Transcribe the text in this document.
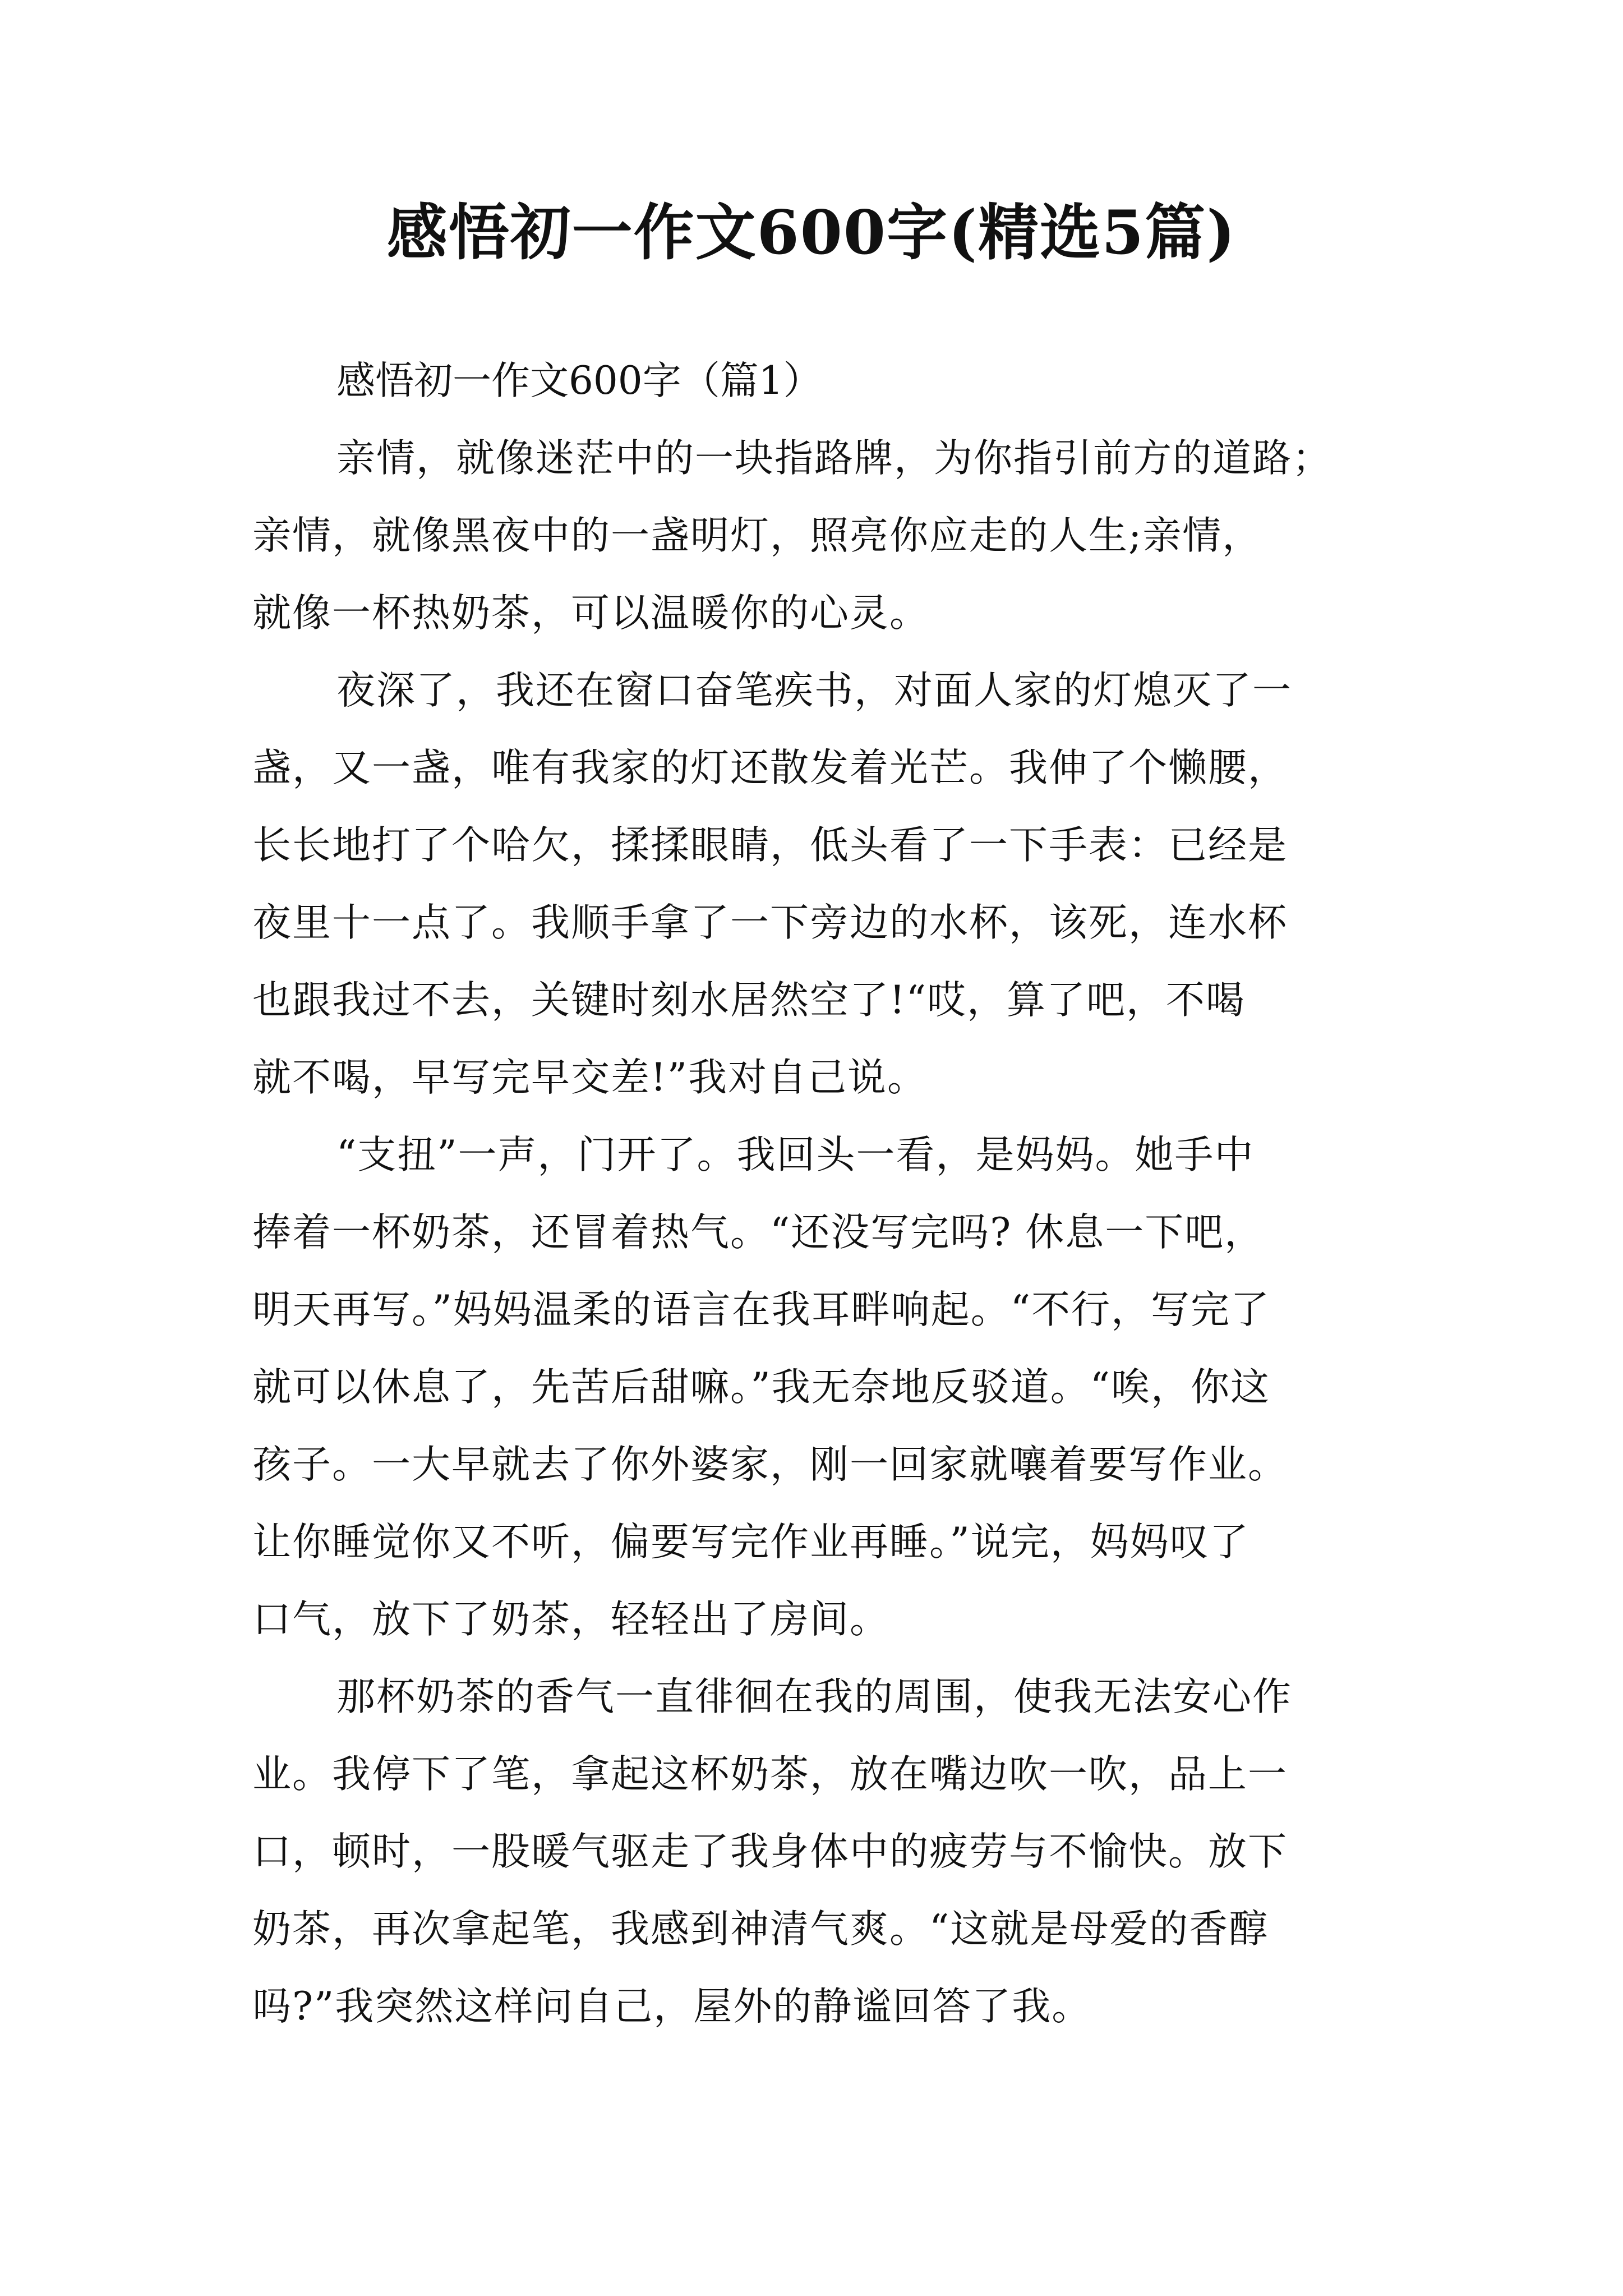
感悟初一作文600字(精选5篇)

感悟初一作文600字（篇1）

亲情，就像迷茫中的一块指路牌，为你指引前方的道路；

亲情，就像黑夜中的一盏明灯，照亮你应走的人生;亲情，

就像一杯热奶茶，可以温暖你的心灵。

夜深了，我还在窗口奋笔疾书，对面人家的灯熄灭了一

盏，又一盏，唯有我家的灯还散发着光芒。我伸了个懒腰，

长长地打了个哈欠，揉揉眼睛，低头看了一下手表：已经是

夜里十一点了。我顺手拿了一下旁边的水杯，该死，连水杯

也跟我过不去，关键时刻水居然空了!“哎，算了吧，不喝

就不喝，早写完早交差!”我对自己说。

“支扭”一声，门开了。我回头一看，是妈妈。她手中

捧着一杯奶茶，还冒着热气。“还没写完吗? 休息一下吧，

明天再写。”妈妈温柔的语言在我耳畔响起。“不行，写完了

就可以休息了，先苦后甜嘛。”我无奈地反驳道。“唉，你这

孩子。一大早就去了你外婆家，刚一回家就嚷着要写作业。

让你睡觉你又不听，偏要写完作业再睡。”说完，妈妈叹了

口气，放下了奶茶，轻轻出了房间。

那杯奶茶的香气一直徘徊在我的周围，使我无法安心作

业。我停下了笔，拿起这杯奶茶，放在嘴边吹一吹，品上一

口，顿时，一股暖气驱走了我身体中的疲劳与不愉快。放下

奶茶，再次拿起笔，我感到神清气爽。“这就是母爱的香醇

吗?”我突然这样问自己，屋外的静谧回答了我。
